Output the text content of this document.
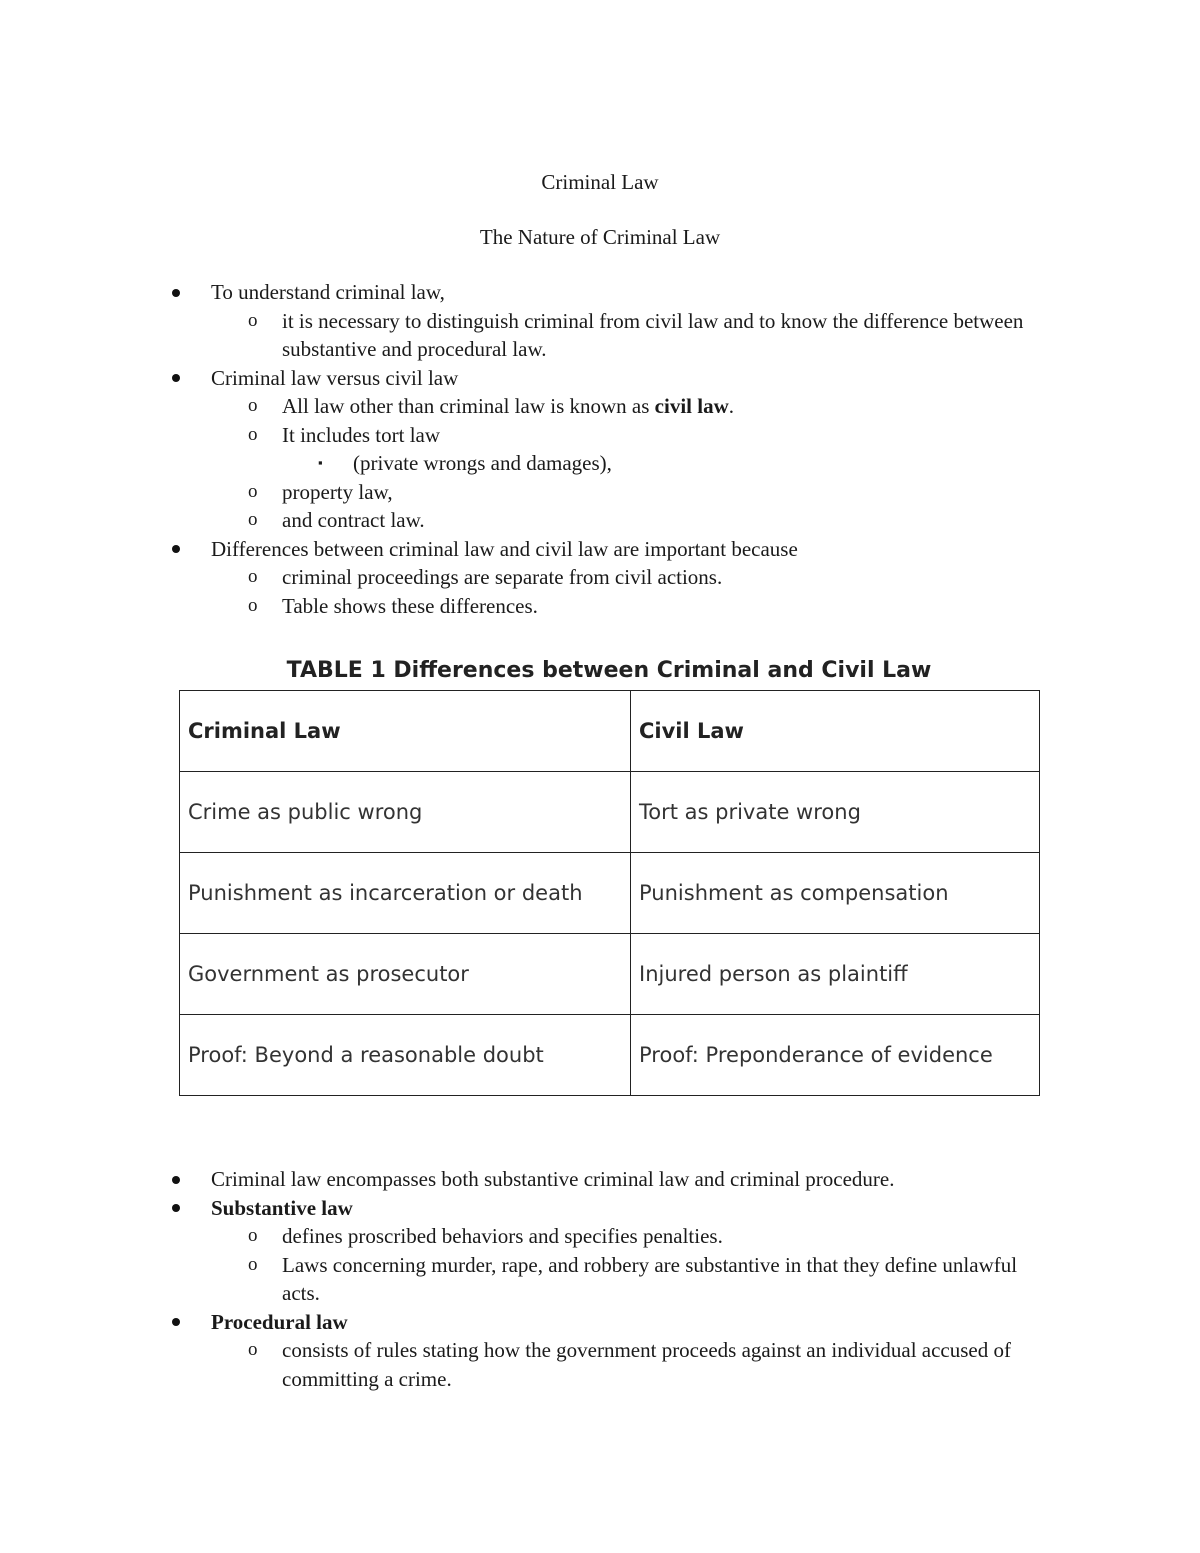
Criminal Law
The Nature of Criminal Law
To understand criminal law,
o it is necessary to distinguish criminal from civil law and to know the difference between substantive and procedural law.
Criminal law versus civil law
o All law other than criminal law is known as civil law.
o It includes tort law
▪ (private wrongs and damages),
o property law,
o and contract law.
Differences between criminal law and civil law are important because
o criminal proceedings are separate from civil actions.
o Table shows these differences.
TABLE 1 Differences between Criminal and Civil Law
Criminal Law	Civil Law
Crime as public wrong	Tort as private wrong
Punishment as incarceration or death	Punishment as compensation
Government as prosecutor	Injured person as plaintiff
Proof: Beyond a reasonable doubt	Proof: Preponderance of evidence
Criminal law encompasses both substantive criminal law and criminal procedure.
Substantive law
o defines proscribed behaviors and specifies penalties.
o Laws concerning murder, rape, and robbery are substantive in that they define unlawful acts.
Procedural law
o consists of rules stating how the government proceeds against an individual accused of committing a crime.
